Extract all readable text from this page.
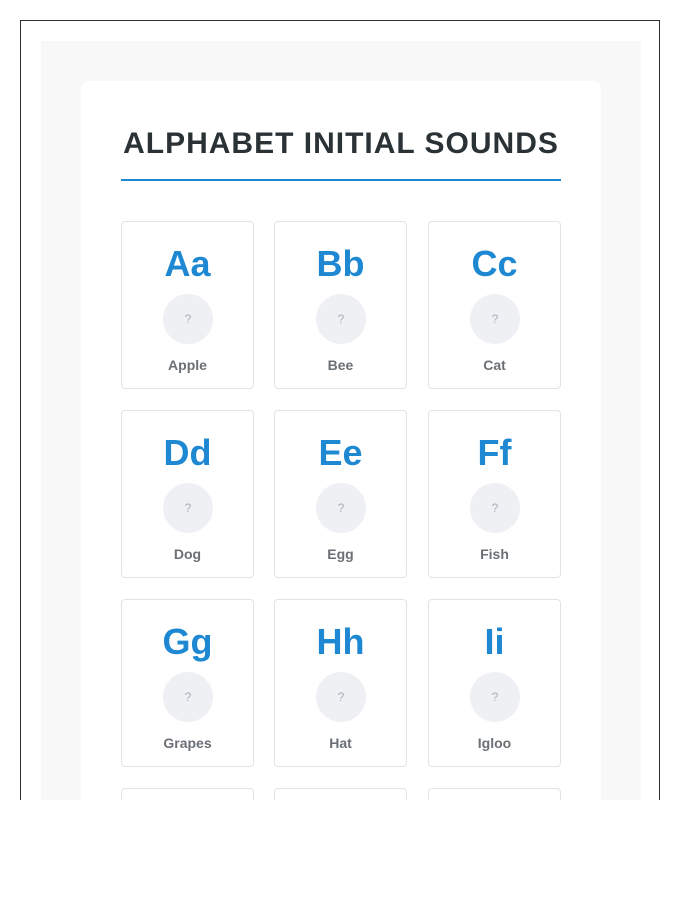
ALPHABET INITIAL SOUNDS
Aa
?
Apple
Bb
?
Bee
Cc
?
Cat
Dd
?
Dog
Ee
?
Egg
Ff
?
Fish
Gg
?
Grapes
Hh
?
Hat
Ii
?
Igloo
